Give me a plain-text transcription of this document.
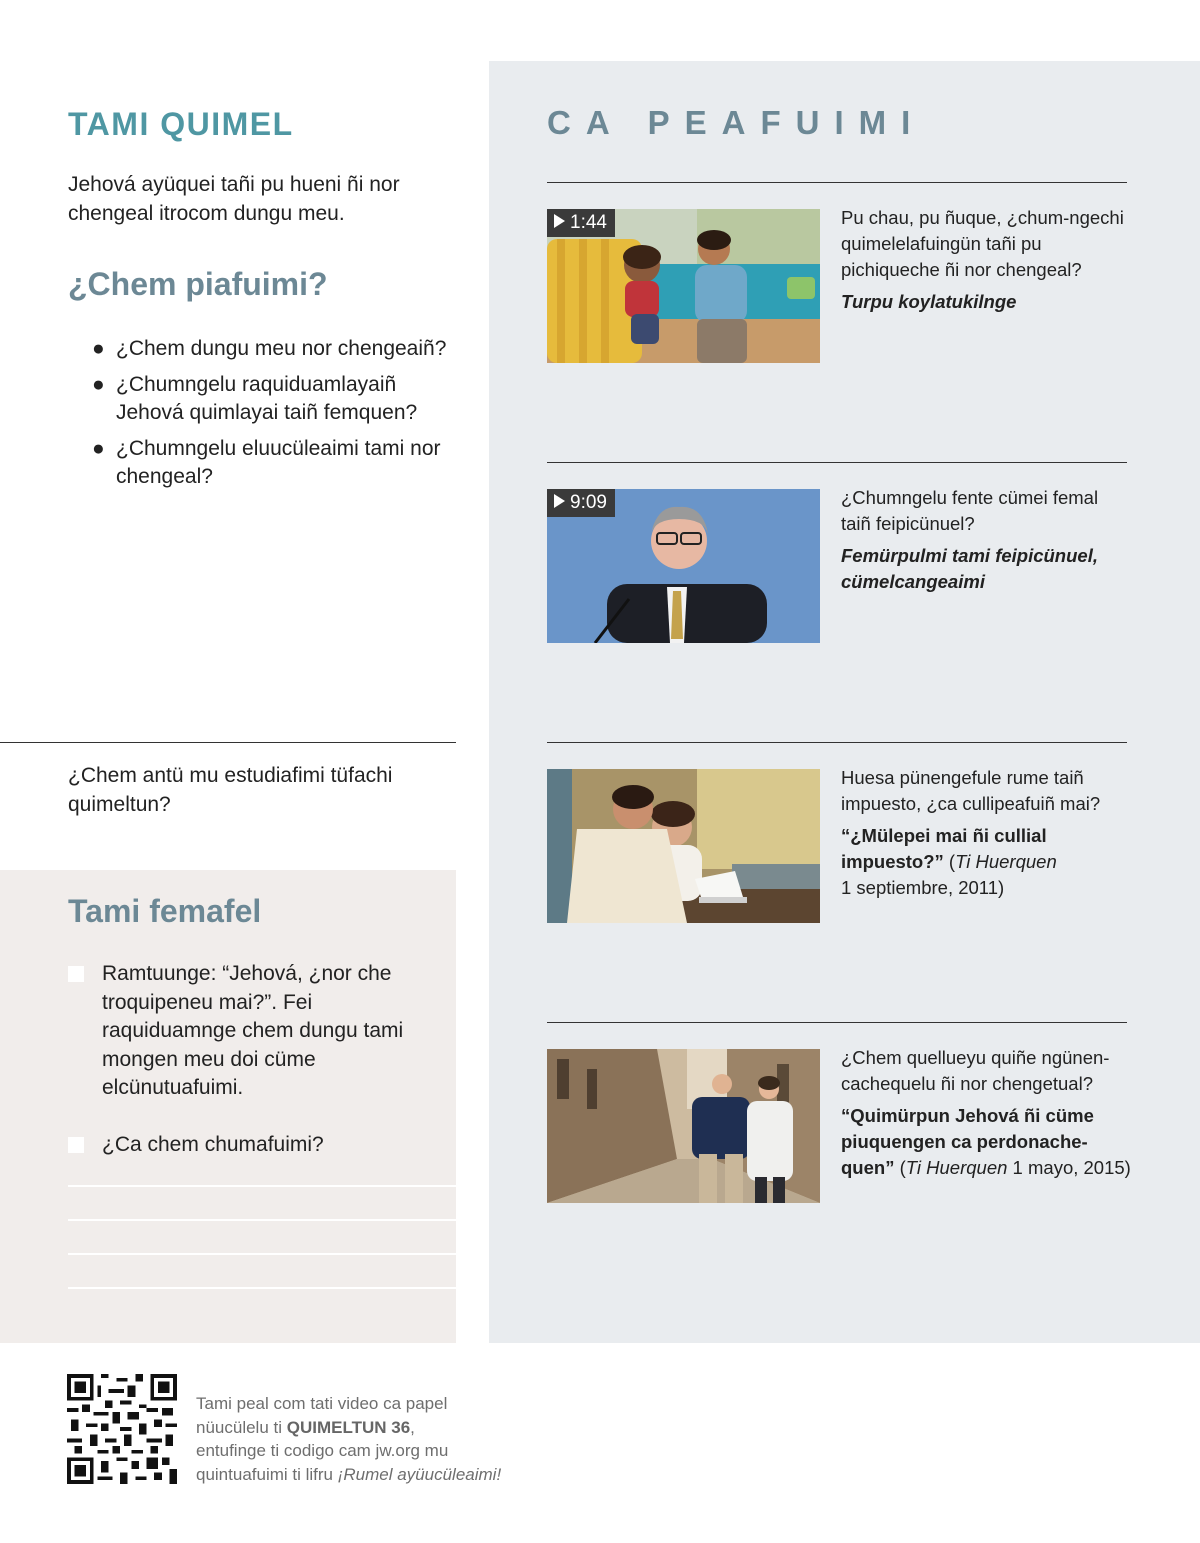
TAMI QUIMEL

Jehová ayüquei tañi pu hueni ñi nor chengeal itrocom dungu meu.

¿Chem piafuimi?
● ¿Chem dungu meu nor chengeaiñ?
● ¿Chumngelu raquiduamlayaiñ Jehová quimlayai taiñ femquen?
● ¿Chumngelu eluucüleaimi tami nor chengeal?

¿Chem antü mu estudiafimi tüfachi quimeltun?

Tami femafel
Ramtuunge: “Jehová, ¿nor che troquipeneu mai?”. Fei raquiduamnge chem dungu tami mongen meu doi cüme elcünutuafuimi.
¿Ca chem chumafuimi?
CA PEAFUIMI
1:44	Pu chau, pu ñuque, ¿chum-ngechi quimelelafuingün tañi pu pichiqueche ñi nor chengeal?
Turpu koylatukilnge
9:09	¿Chumngelu fente cümei femal taiñ feipicünuel?
Femürpulmi tami feipicünuel, cümelcangeaimi
Huesa pünengefule rume taiñ impuesto, ¿ca cullipeafuiñ mai?
“¿Mülepei mai ñi cullial impuesto?” (Ti Huerquen
1 septiembre, 2011)
¿Chem quellueyu quiñe ngünen-cachequelu ñi nor chengetual?
“Quimürpun Jehová ñi cüme piuquengen ca perdonache-quen” (Ti Huerquen 1 mayo, 2015)
Tami peal com tati video ca papel
nüucülelu ti QUIMELTUN 36,
entufinge ti codigo cam jw.org mu
quintuafuimi ti lifru ¡Rumel ayüucüleaimi!
